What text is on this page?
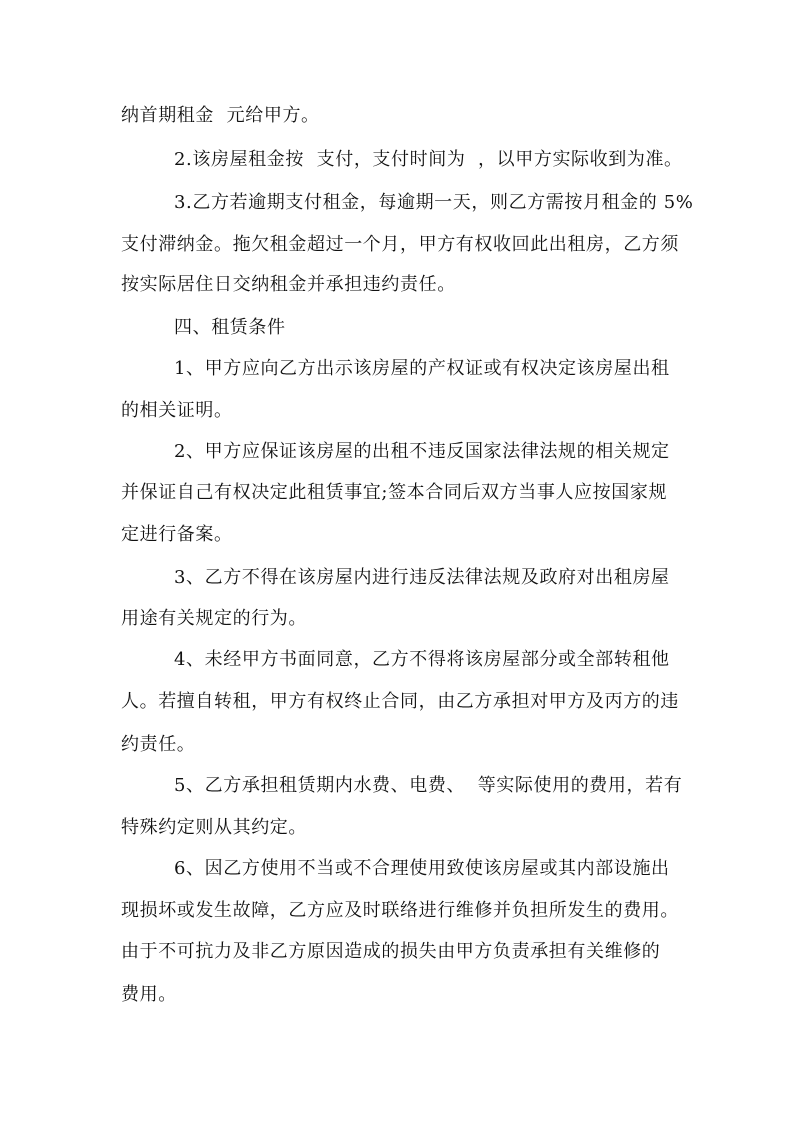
纳首期租金  元给甲方。
2.该房屋租金按  支付，支付时间为  ，以甲方实际收到为准。
3.乙方若逾期支付租金，每逾期一天，则乙方需按月租金的 5%
支付滞纳金。拖欠租金超过一个月，甲方有权收回此出租房，乙方须
按实际居住日交纳租金并承担违约责任。
四、租赁条件
1、甲方应向乙方出示该房屋的产权证或有权决定该房屋出租
的相关证明。
2、甲方应保证该房屋的出租不违反国家法律法规的相关规定
并保证自己有权决定此租赁事宜;签本合同后双方当事人应按国家规
定进行备案。
3、乙方不得在该房屋内进行违反法律法规及政府对出租房屋
用途有关规定的行为。
4、未经甲方书面同意，乙方不得将该房屋部分或全部转租他
人。若擅自转租，甲方有权终止合同，由乙方承担对甲方及丙方的违
约责任。
5、乙方承担租赁期内水费、电费、  等实际使用的费用，若有
特殊约定则从其约定。
6、因乙方使用不当或不合理使用致使该房屋或其内部设施出
现损坏或发生故障，乙方应及时联络进行维修并负担所发生的费用。
由于不可抗力及非乙方原因造成的损失由甲方负责承担有关维修的
费用。
